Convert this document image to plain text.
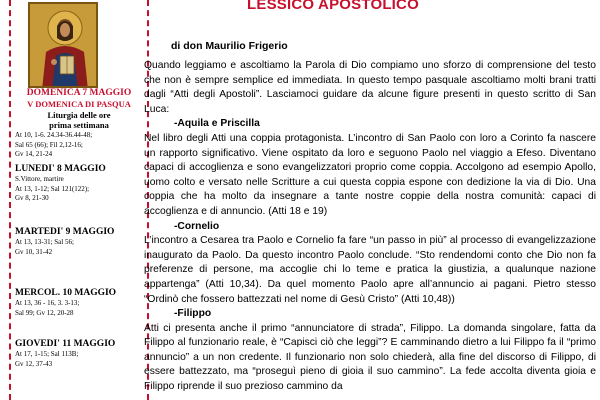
DOMENICA 7 MAGGIO
V DOMENICA DI PASQUA
Liturgia delle ore
prima settimana
At 10, 1-6. 24.34-36.44-48;
Sal 65 (66); Fil 2,12-16;
Gv 14, 21-24
LUNEDI' 8 MAGGIO
S.Vittore, martire
At 13, 1-12; Sal 121(122);
Gv 8, 21-30
MARTEDI' 9 MAGGIO
At 13, 13-31; Sal 56;
Gv 10, 31-42
MERCOL. 10 MAGGIO
At 13, 36 - 16, 3. 3-13;
Sal 99; Gv 12, 20-28
GIOVEDI' 11 MAGGIO
At 17, 1-15; Sal 113B;
Gv 12, 37-43
LESSICO APOSTOLICO
di don Maurilio Frigerio

Quando leggiamo e ascoltiamo la Parola di Dio compiamo uno sforzo di comprensione del testo che non è sempre semplice ed immediata. In questo tempo pasquale ascoltiamo molti brani tratti dagli “Atti degli Apostoli”. Lasciamoci guidare da alcune figure presenti in questo scritto di San Luca:

-Aquila e Priscilla

Nel libro degli Atti una coppia protagonista. L’incontro di San Paolo con loro a Corinto fa nascere un rapporto significativo. Viene ospitato da loro e seguono Paolo nel viaggio a Efeso. Diventano capaci di accoglienza e sono evangelizzatori proprio come coppia. Accolgono ad esempio Apollo, uomo colto e versato nelle Scritture a cui questa coppia espone con dedizione la via di Dio. Una coppia che ha molto da insegnare a tante nostre coppie della nostra comunità: capaci di accoglienza e di annuncio. (Atti 18 e 19)

-Cornelio

L’incontro a Cesarea tra Paolo e Cornelio fa fare “un passo in più” al processo di evangelizzazione inaugurato da Paolo. Da questo incontro Paolo conclude. “Sto rendendomi conto che Dio non fa preferenze di persone, ma accoglie chi lo teme e pratica la giustizia, a qualunque nazione appartenga” (Atti 10,34). Da quel momento Paolo apre all’annuncio ai pagani. Pietro stesso “Ordinò che fossero battezzati nel nome di Gesù Cristo” (Atti 10,48))

-Filippo

Atti ci presenta anche il primo “annunciatore di strada”, Filippo. La domanda singolare, fatta da Filippo al funzionario reale, è “Capisci ciò che leggi”? E camminando dietro a lui Filippo fa il “primo annuncio” a un non credente. Il funzionario non solo chiederà, alla fine del discorso di Filippo, di essere battezzato, ma “proseguì pieno di gioia il suo cammino”. La fede accolta diventa gioia e Filippo riprende il suo prezioso cammino da
